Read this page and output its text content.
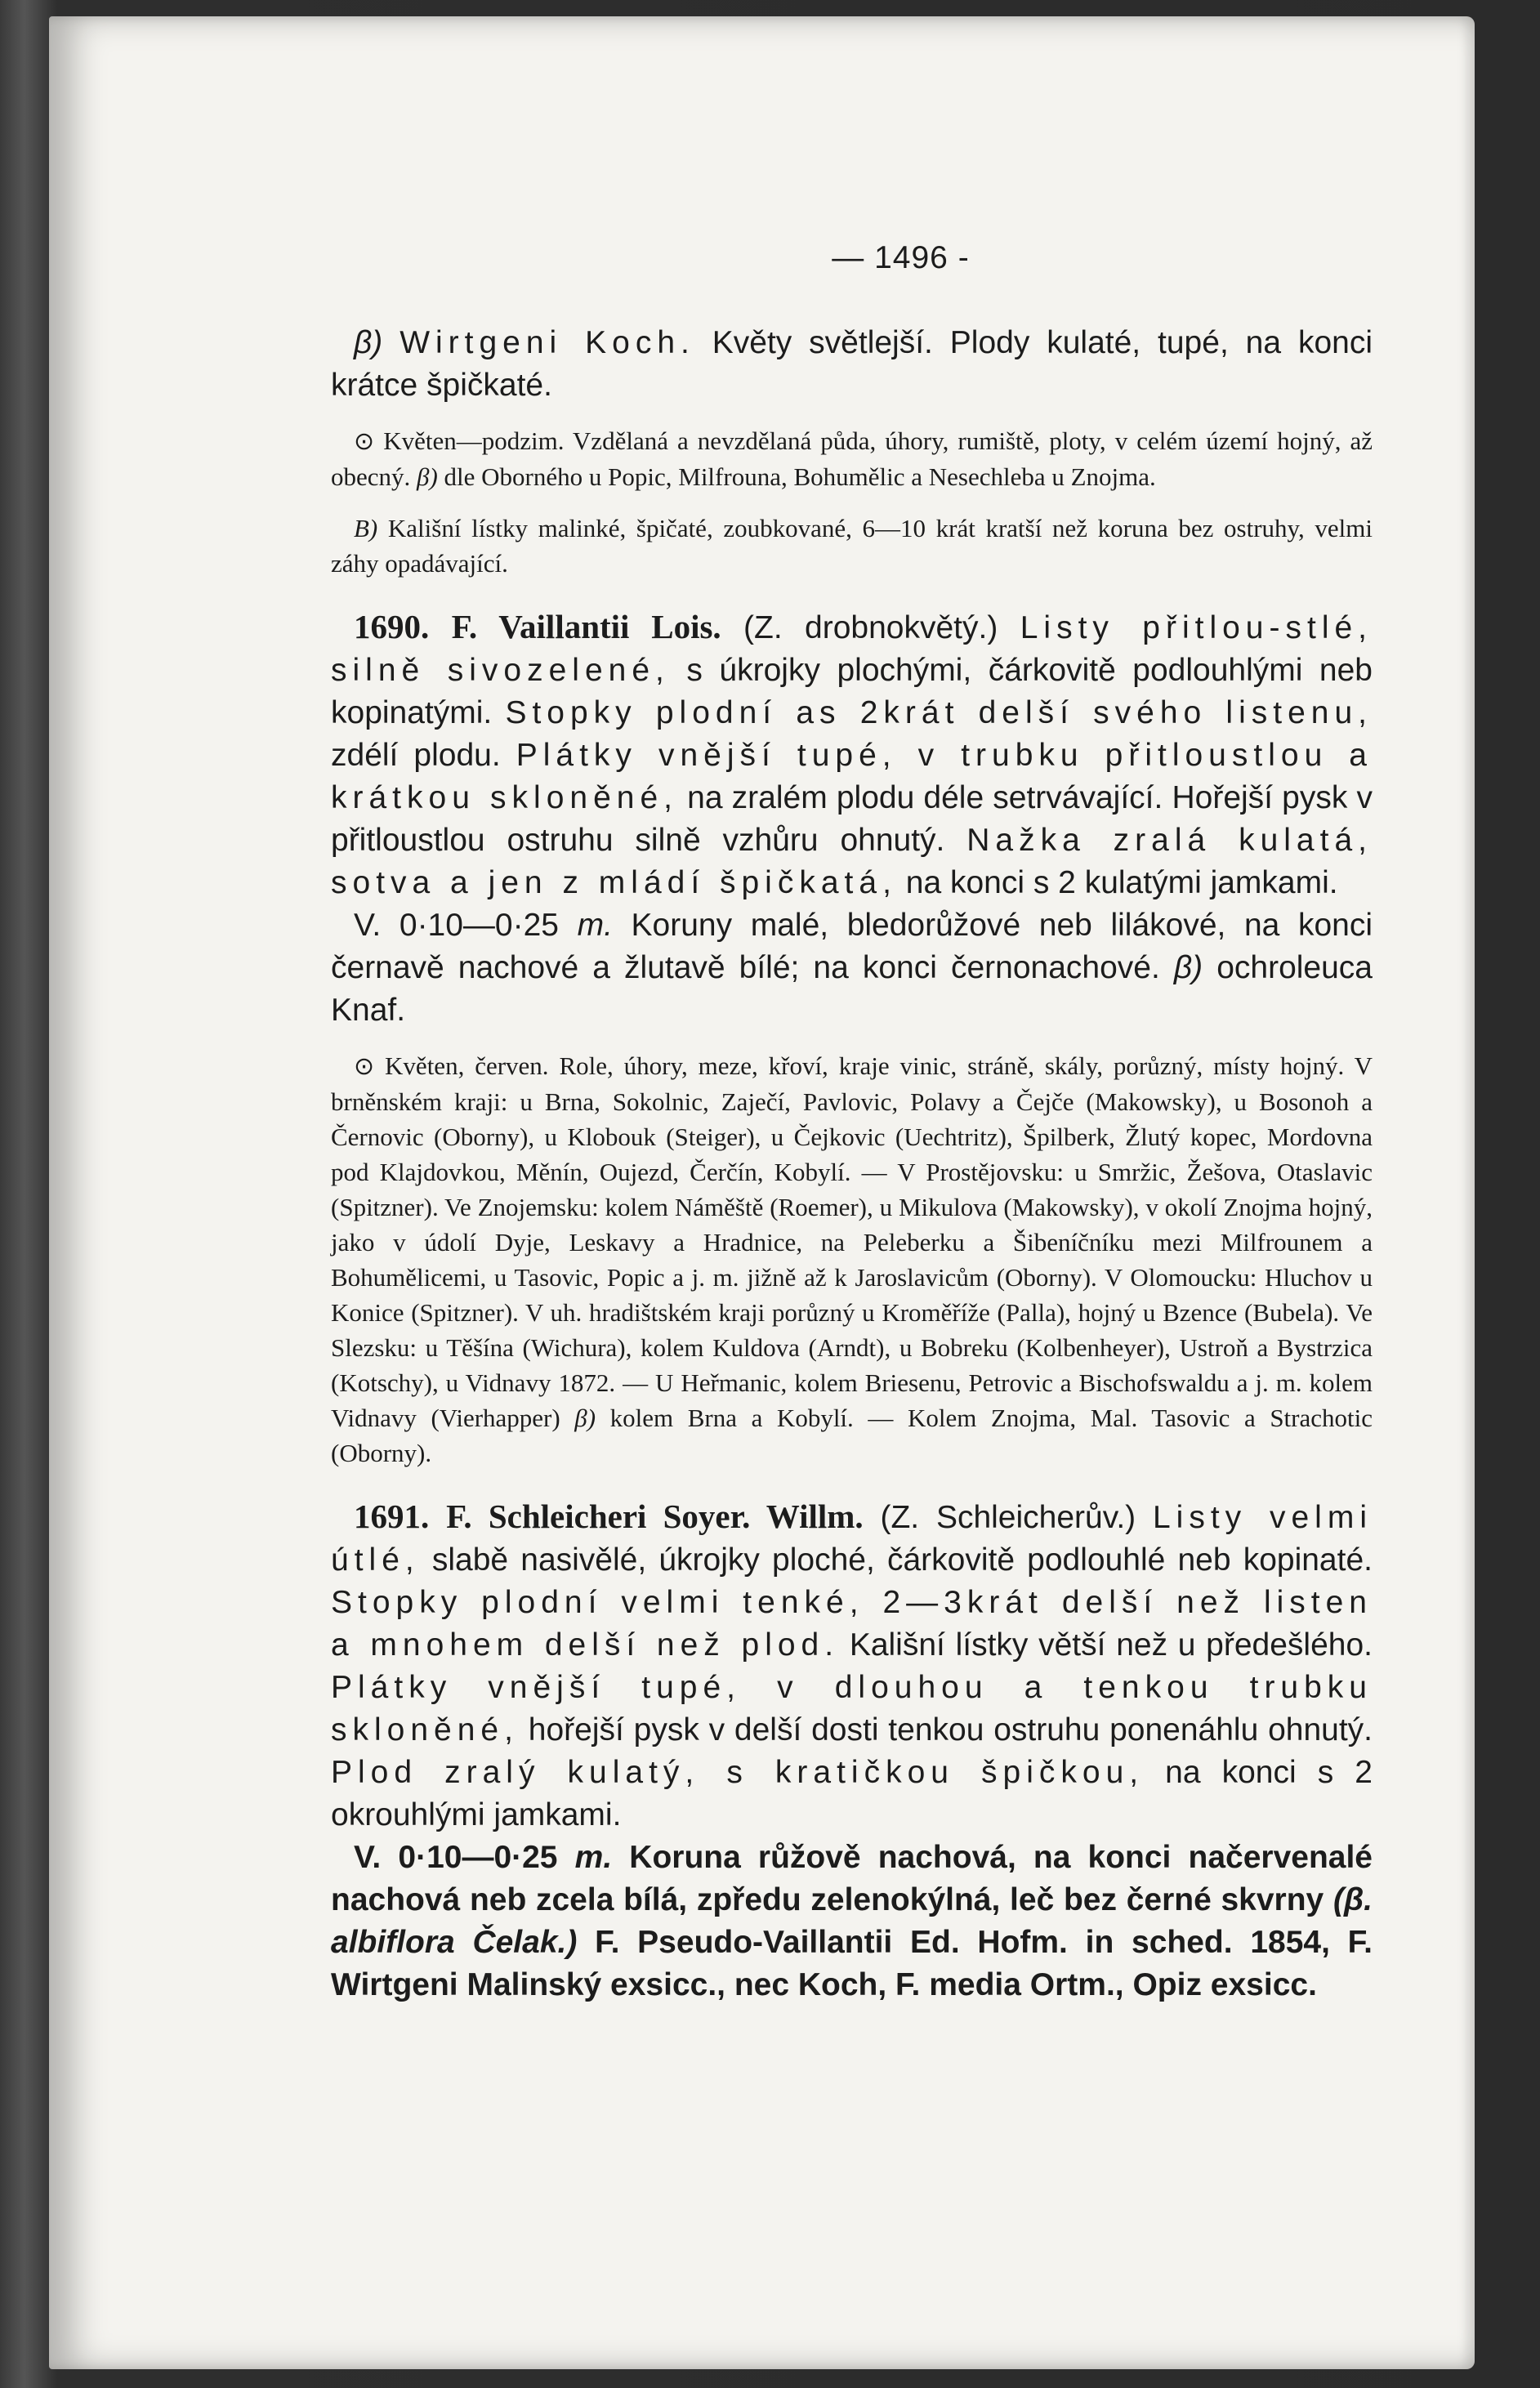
— 1496 -

β) Wirtgeni Koch. Květy světlejší. Plody kulaté, tupé, na konci krátce špičkaté.

⊙ Květen—podzim. Vzdělaná a nevzdělaná půda, úhory, rumiště, ploty, v celém území hojný, až obecný. β) dle Oborného u Popic, Milfrouna, Bohumělic a Nesechleba u Znojma.

B) Kališní lístky malinké, špičaté, zoubkované, 6—10 krát kratší než koruna bez ostruhy, velmi záhy opadávající.

1690. F. Vaillantii Lois. (Z. drobnokvětý.) Listy přitlou-stlé, silně sivozelené, s úkrojky plochými, čárkovitě podlouhlými neb kopinatými. Stopky plodní as 2krát delší svého listenu, zdélí plodu. Plátky vnější tupé, v trubku přitloustlou a krátkou skloněné, na zralém plodu déle setrvávající. Hořejší pysk v přitloustlou ostruhu silně vzhůru ohnutý. Nažka zralá kulatá, sotva a jen z mládí špičkatá, na konci s 2 kulatými jamkami.

V. 0·10—0·25 m. Koruny malé, bledorůžové neb lilákové, na konci černavě nachové a žlutavě bílé; na konci černonachové. β) ochroleuca Knaf.

⊙ Květen, červen. Role, úhory, meze, křoví, kraje vinic, stráně, skály, porůzný, místy hojný. V brněnském kraji: u Brna, Sokolnic, Zaječí, Pavlovic, Polavy a Čejče (Makowsky), u Bosonoh a Černovic (Oborny), u Klobouk (Steiger), u Čejkovic (Uechtritz), Špilberk, Žlutý kopec, Mordovna pod Klajdovkou, Měnín, Oujezd, Čerčín, Kobylí. — V Prostějovsku: u Smržic, Žešova, Otaslavic (Spitzner). Ve Znojemsku: kolem Náměště (Roemer), u Mikulova (Makowsky), v okolí Znojma hojný, jako v údolí Dyje, Leskavy a Hradnice, na Peleberku a Šibeníčníku mezi Milfrounem a Bohumělicemi, u Tasovic, Popic a j. m. jižně až k Jaroslavicům (Oborny). V Olomoucku: Hluchov u Konice (Spitzner). V uh. hradištském kraji porůzný u Kroměříže (Palla), hojný u Bzence (Bubela). Ve Slezsku: u Těšína (Wichura), kolem Kuldova (Arndt), u Bobreku (Kolbenheyer), Ustroň a Bystrzica (Kotschy), u Vidnavy 1872. — U Heřmanic, kolem Briesenu, Petrovic a Bischofswaldu a j. m. kolem Vidnavy (Vierhapper) β) kolem Brna a Kobylí. — Kolem Znojma, Mal. Tasovic a Strachotic (Oborny).

1691. F. Schleicheri Soyer. Willm. (Z. Schleicherův.) Listy velmi útlé, slabě nasivělé, úkrojky ploché, čárkovitě podlouhlé neb kopinaté. Stopky plodní velmi tenké, 2—3krát delší než listen a mnohem delší než plod. Kališní lístky větší než u předešlého. Plátky vnější tupé, v dlouhou a tenkou trubku skloněné, hořejší pysk v delší dosti tenkou ostruhu ponenáhlu ohnutý. Plod zralý kulatý, s kratičkou špičkou, na konci s 2 okrouhlými jamkami.

V. 0·10—0·25 m. Koruna růžově nachová, na konci načervenalé nachová neb zcela bílá, zpředu zelenokýlná, leč bez černé skvrny (β. albiflora Čelak.) F. Pseudo-Vaillantii Ed. Hofm. in sched. 1854, F. Wirtgeni Malinský exsicc., nec Koch, F. media Ortm., Opiz exsicc.
